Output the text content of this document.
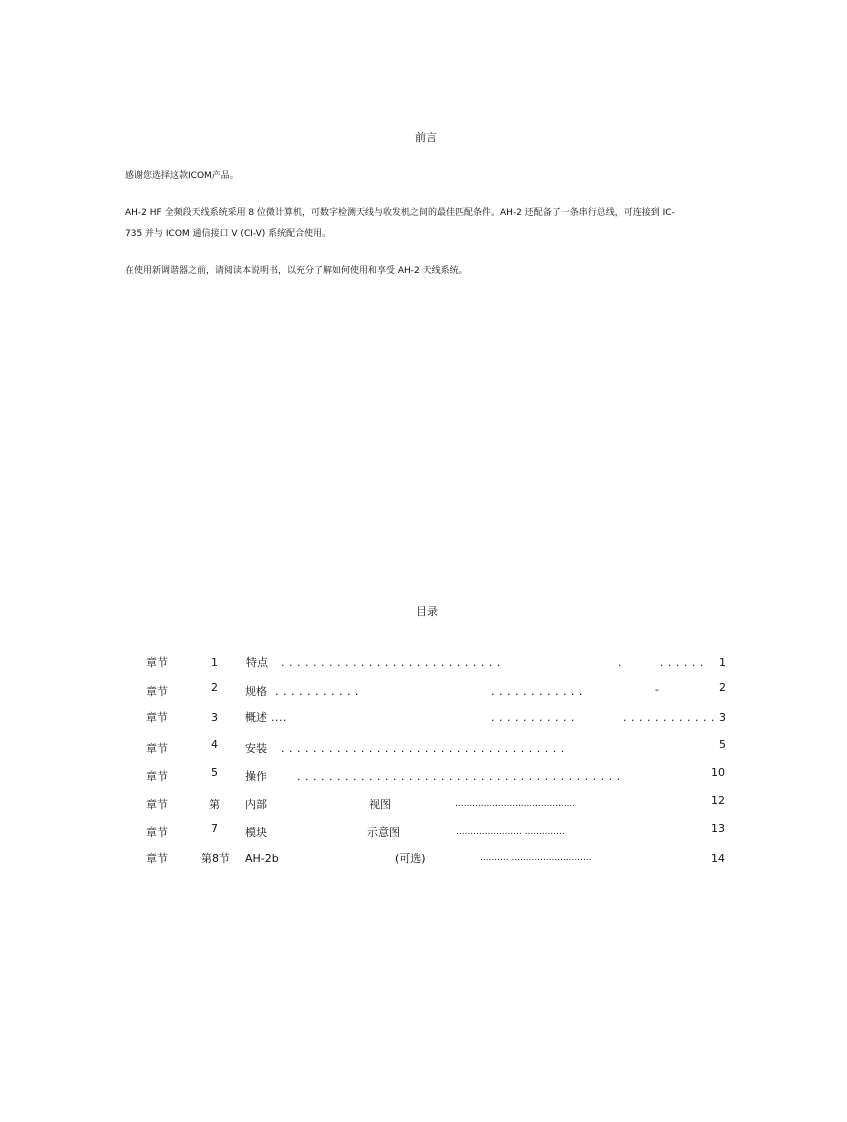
前言
感谢您选择这款ICOM产品。
AH-2 HF 全频段天线系统采用 8 位微计算机，可数字检测天线与收发机之间的最佳匹配条件。AH-2 还配备了一条串行总线，可连接到 IC-
735 并与 ICOM 通信接口 V (CI-V) 系统配合使用。
在使用新调谐器之前，请阅读本说明书，以充分了解如何使用和享受 AH-2 天线系统。
目录
章节	1	特点 . . . . . . . . . . . . . . . . . . . . . . . . . . . .	.	. . . . . . 1
章节	2 规格 . . . . . . . . . . .	. . . . . . . . . . . .	-	2
章节	3 概述 ....	. . . . . . . . . . .	. . . . . . . . . . . . 3
章节	4 安装 . . . . . . . . . . . . . . . . . . . . . . . . . . . . . . . . . . . .	5
章节	5 操作	. . . . . . . . . . . . . . . . . . . . . . . . . . . . . . . . . . . . . . . . .	10
章节	第 内部	视图	..........................................	12
章节	7 模块	示意图	....................... ..............	13
章节	第8节 AH-2b	(可选)	.......... ............................	14
